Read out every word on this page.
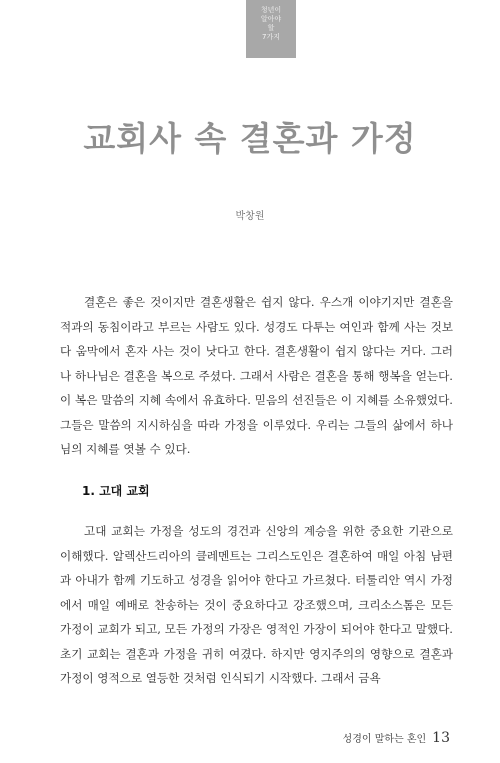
청년이
알아야
할
7가지
교회사 속 결혼과 가정
박창원
결혼은 좋은 것이지만 결혼생활은 쉽지 않다. 우스개 이야기지만 결혼을 적과의 동침이라고 부르는 사람도 있다. 성경도 다투는 여인과 함께 사는 것보다 움막에서 혼자 사는 것이 낫다고 한다. 결혼생활이 쉽지 않다는 거다. 그러나 하나님은 결혼을 복으로 주셨다. 그래서 사람은 결혼을 통해 행복을 얻는다. 이 복은 말씀의 지혜 속에서 유효하다. 믿음의 선진들은 이 지혜를 소유했었다. 그들은 말씀의 지시하심을 따라 가정을 이루었다. 우리는 그들의 삶에서 하나님의 지혜를 엿볼 수 있다.
1. 고대 교회
고대 교회는 가정을 성도의 경건과 신앙의 계승을 위한 중요한 기관으로 이해했다. 알렉산드리아의 클레멘트는 그리스도인은 결혼하여 매일 아침 남편과 아내가 함께 기도하고 성경을 읽어야 한다고 가르쳤다. 터툴리안 역시 가정에서 매일 예배로 찬송하는 것이 중요하다고 강조했으며, 크리소스톰은 모든 가정이 교회가 되고, 모든 가정의 가장은 영적인 가장이 되어야 한다고 말했다. 초기 교회는 결혼과 가정을 귀히 여겼다. 하지만 영지주의의 영향으로 결혼과 가정이 영적으로 열등한 것처럼 인식되기 시작했다. 그래서 금욕
성경이 말하는 혼인 13
